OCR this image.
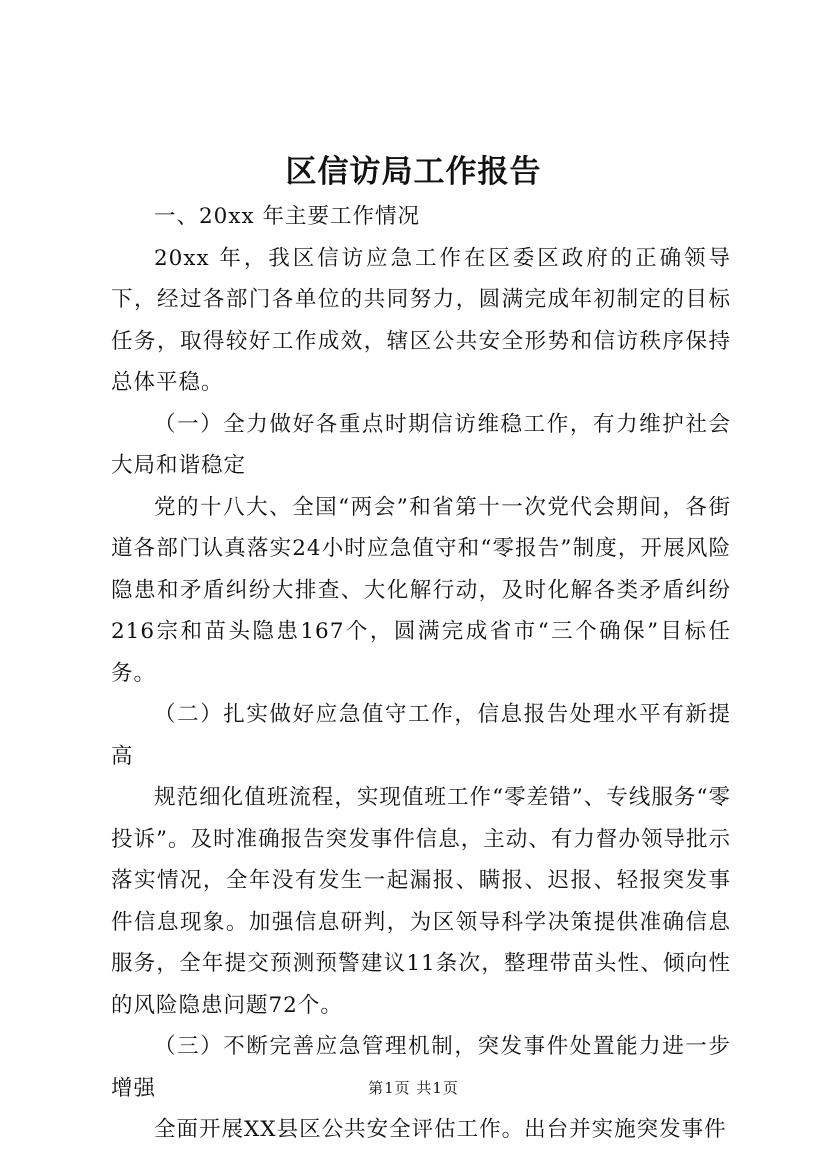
区信访局工作报告

一、20xx 年主要工作情况

20xx 年，我区信访应急工作在区委区政府的正确领导下，经过各部门各单位的共同努力，圆满完成年初制定的目标任务，取得较好工作成效，辖区公共安全形势和信访秩序保持总体平稳。

（一）全力做好各重点时期信访维稳工作，有力维护社会大局和谐稳定

党的十八大、全国“两会”和省第十一次党代会期间，各街道各部门认真落实24小时应急值守和“零报告”制度，开展风险隐患和矛盾纠纷大排查、大化解行动，及时化解各类矛盾纠纷216宗和苗头隐患167个，圆满完成省市“三个确保”目标任务。

（二）扎实做好应急值守工作，信息报告处理水平有新提高

规范细化值班流程，实现值班工作“零差错”、专线服务“零投诉”。及时准确报告突发事件信息，主动、有力督办领导批示落实情况，全年没有发生一起漏报、瞒报、迟报、轻报突发事件信息现象。加强信息研判，为区领导科学决策提供准确信息服务，全年提交预测预警建议11条次，整理带苗头性、倾向性的风险隐患问题72个。

（三）不断完善应急管理机制，突发事件处置能力进一步增强

全面开展XX县区公共安全评估工作。出台并实施突发事件

第1页 共1页
